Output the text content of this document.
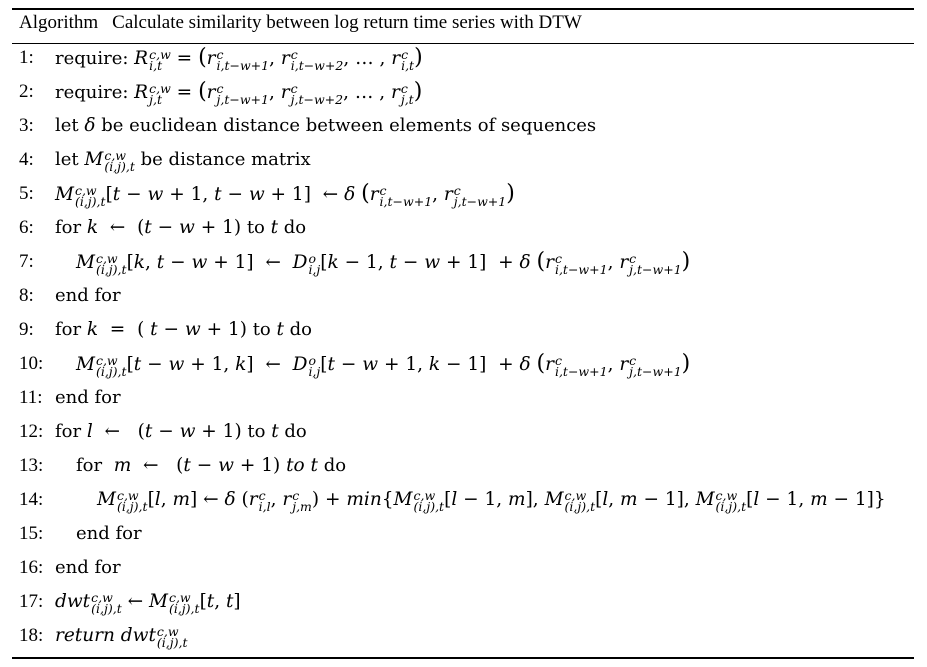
Algorithm Calculate similarity between log return time series with DTW
1: require: R c,w
i,t = (r c
i,t−w+1 , r c
i,t−w+2 , … , r c
i,t )
2: require: R c,w
j,t = (r c
j,t−w+1 , r c
j,t−w+2 , … , r c
j,t )
3: let δ be euclidean distance between elements of sequences
4: let M c,w
(i,j),t be distance matrix
5: M c,w
(i,j),t [t − w + 1, t − w + 1]  ← δ (r c
i,t−w+1 , r c
j,t−w+1 )
6: for k  ←  (t − w + 1) to t do
7: M c,w
(i,j),t [k, t − w + 1]  ←  D o
i,j [k − 1, t − w + 1]  + δ (r c
i,t−w+1 , r c
j,t−w+1 )
8: end for
9: for k  =  ( t − w + 1) to t do
10: M c,w
(i,j),t [t − w + 1, k]  ←  D o
i,j [t − w + 1, k − 1]  + δ (r c
i,t−w+1 , r c
j,t−w+1 )
11: end for
12: for l  ←   (t − w + 1) to t do
13: for  m  ←   (t − w + 1) to t do
14:	M c,w
(i,j),t [l, m] ← δ (r c
i,l , r c
j,m ) + min{M c,w
(i,j),t [l − 1, m], M c,w
(i,j),t [l, m − 1], M c,w
(i,j),t [l − 1, m − 1]}
15: end for
16: end for
17: dwt c,w
(i,j),t ← M c,w
(i,j),t [t, t]
18: return dwt c,w
(i,j),t
